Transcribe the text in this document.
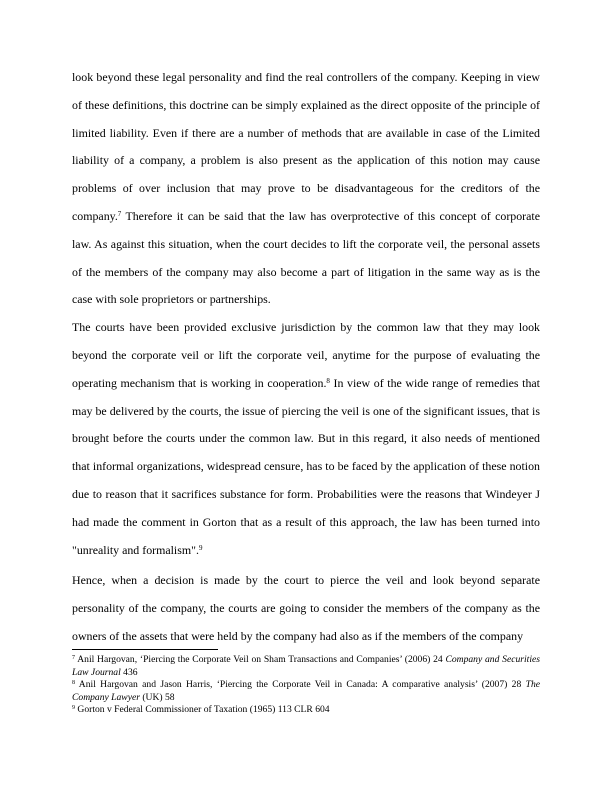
look beyond these legal personality and find the real controllers of the company. Keeping in view of these definitions, this doctrine can be simply explained as the direct opposite of the principle of limited liability. Even if there are a number of methods that are available in case of the Limited liability of a company, a problem is also present as the application of this notion may cause problems of over inclusion that may prove to be disadvantageous for the creditors of the company.$^7$ Therefore it can be said that the law has overprotective of this concept of corporate law. As against this situation, when the court decides to lift the corporate veil, the personal assets of the members of the company may also become a part of litigation in the same way as is the case with sole proprietors or partnerships.

The courts have been provided exclusive jurisdiction by the common law that they may look beyond the corporate veil or lift the corporate veil, anytime for the purpose of evaluating the operating mechanism that is working in cooperation.$^8$ In view of the wide range of remedies that may be delivered by the courts, the issue of piercing the veil is one of the significant issues, that is brought before the courts under the common law. But in this regard, it also needs of mentioned that informal organizations, widespread censure, has to be faced by the application of these notion due to reason that it sacrifices substance for form. Probabilities were the reasons that Windeyer J had made the comment in Gorton that as a result of this approach, the law has been turned into "unreality and formalism".$^9$

Hence, when a decision is made by the court to pierce the veil and look beyond separate personality of the company, the courts are going to consider the members of the company as the owners of the assets that were held by the company had also as if the members of the company

$^7$ Anil Hargovan, ‘Piercing the Corporate Veil on Sham Transactions and Companies’ (2006) 24 Company and Securities Law Journal 436

$^8$ Anil Hargovan and Jason Harris, ‘Piercing the Corporate Veil in Canada: A comparative analysis’ (2007) 28 The Company Lawyer (UK) 58

$^9$ Gorton v Federal Commissioner of Taxation (1965) 113 CLR 604
